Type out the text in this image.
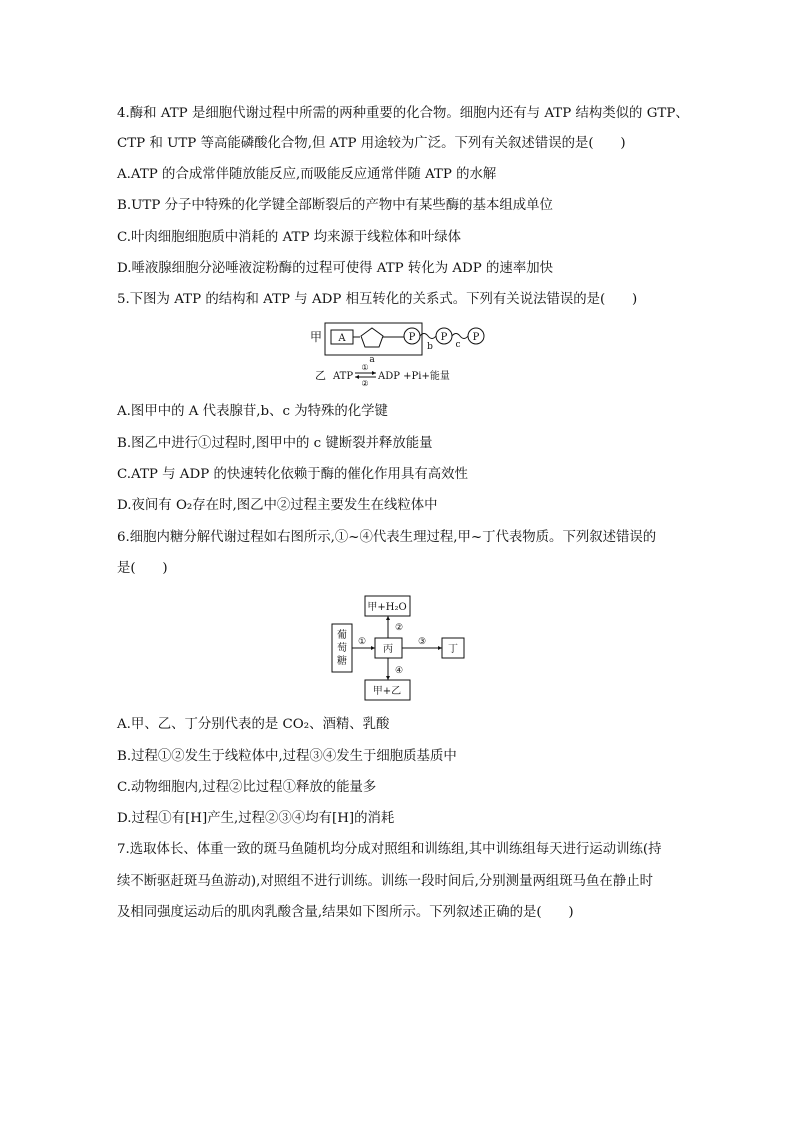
4.酶和 ATP 是细胞代谢过程中所需的两种重要的化合物。细胞内还有与 ATP 结构类似的 GTP、
CTP 和 UTP 等高能磷酸化合物,但 ATP 用途较为广泛。下列有关叙述错误的是(　　)
A.ATP 的合成常伴随放能反应,而吸能反应通常伴随 ATP 的水解
B.UTP 分子中特殊的化学键全部断裂后的产物中有某些酶的基本组成单位
C.叶肉细胞细胞质中消耗的 ATP 均来源于线粒体和叶绿体
D.唾液腺细胞分泌唾液淀粉酶的过程可使得 ATP 转化为 ADP 的速率加快
5.下图为 ATP 的结构和 ATP 与 ADP 相互转化的关系式。下列有关说法错误的是(　　)
甲 A	P	P	P
a
b	c
乙 ATP
①
②
ADP +Pi+能量
A.图甲中的 A 代表腺苷,b、c 为特殊的化学键
B.图乙中进行①过程时,图甲中的 c 键断裂并释放能量
C.ATP 与 ADP 的快速转化依赖于酶的催化作用具有高效性
D.夜间有 O₂存在时,图乙中②过程主要发生在线粒体中
6.细胞内糖分解代谢过程如右图所示,①~④代表生理过程,甲~丁代表物质。下列叙述错误的
是(　　)
甲+H₂O
葡
萄
糖
①
丙
②
③
丁
④
甲+乙
A.甲、乙、丁分别代表的是 CO₂、酒精、乳酸
B.过程①②发生于线粒体中,过程③④发生于细胞质基质中
C.动物细胞内,过程②比过程①释放的能量多
D.过程①有[H]产生,过程②③④均有[H]的消耗
7.选取体长、体重一致的斑马鱼随机均分成对照组和训练组,其中训练组每天进行运动训练(持
续不断驱赶斑马鱼游动),对照组不进行训练。训练一段时间后,分别测量两组斑马鱼在静止时
及相同强度运动后的肌肉乳酸含量,结果如下图所示。下列叙述正确的是(　　)
